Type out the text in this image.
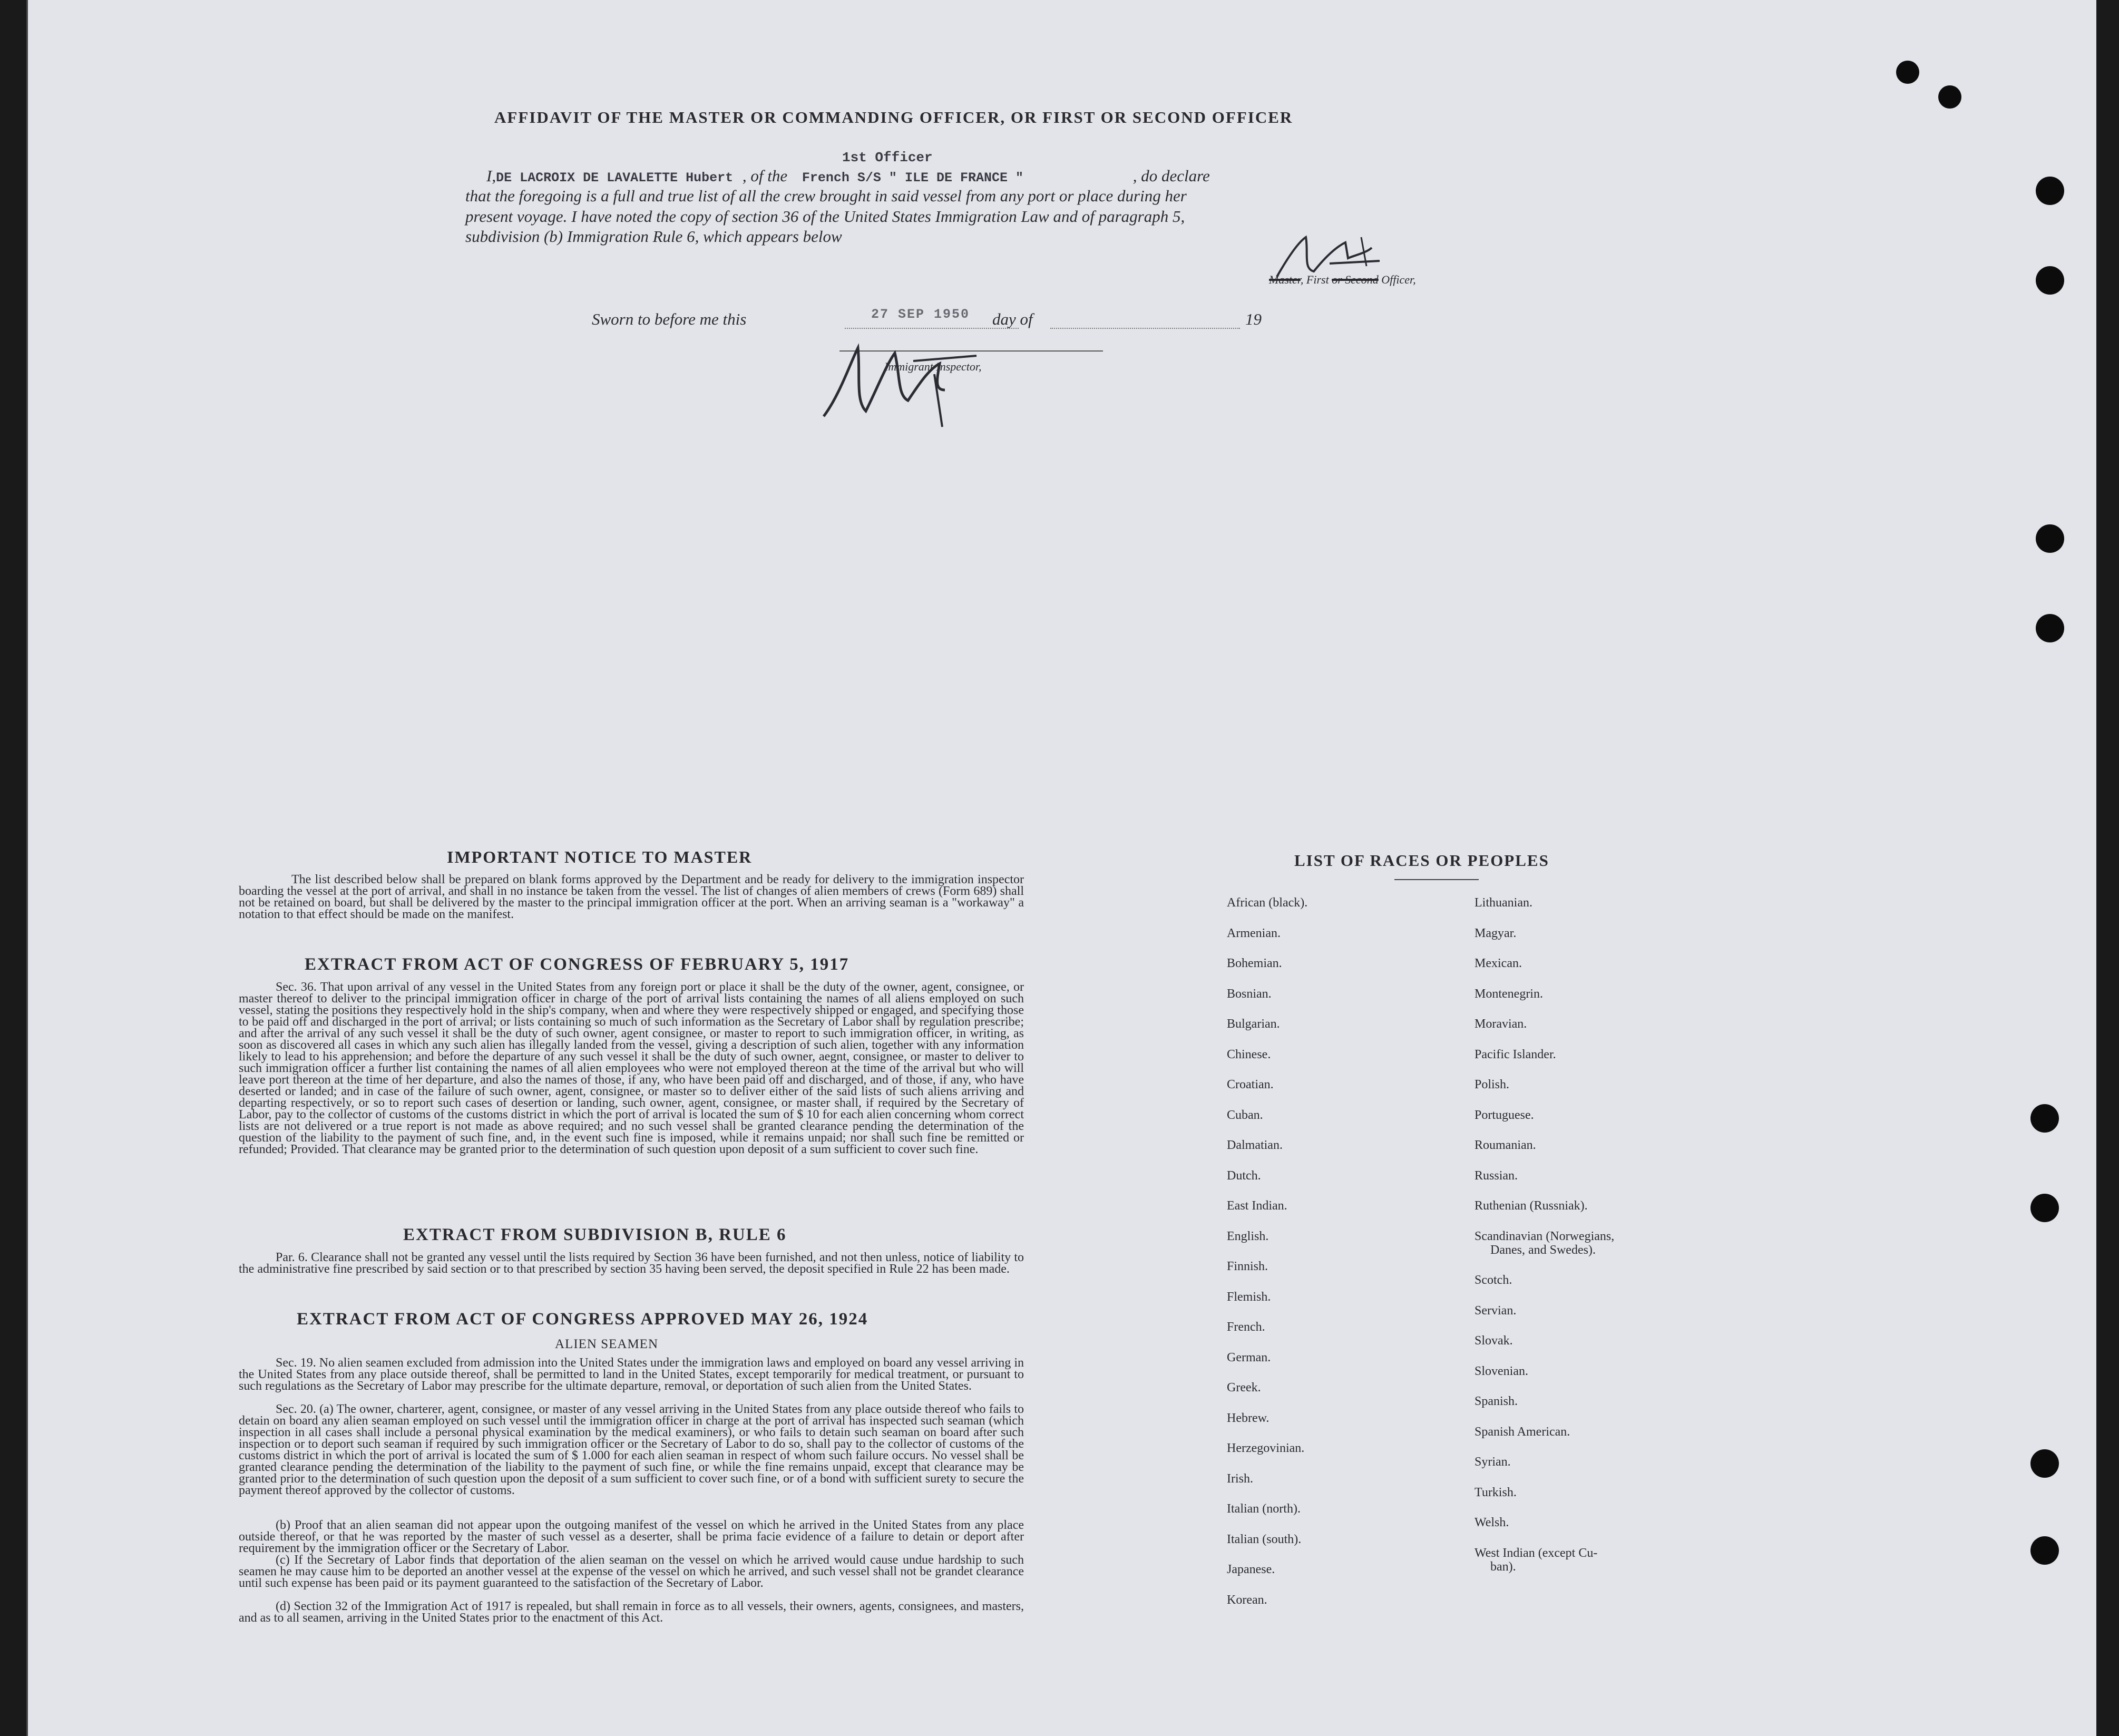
AFFIDAVIT OF THE MASTER OR COMMANDING OFFICER, OR FIRST OR SECOND OFFICER
1st Officer
I,DE LACROIX DE LAVALETTE Hubert , of the French S/S " ILE DE FRANCE "	, do declare
that the foregoing is a full and true list of all the crew brought in said vessel from any port or place during her
present voyage. I have noted the copy of section 36 of the United States Immigration Law and of paragraph 5,
subdivision (b) Immigration Rule 6, which appears below
Master, First or Second Officer,
Sworn to before me this	27 SEP 1950 day of	19
Immigrant Inspector,
IMPORTANT NOTICE TO MASTER

The list described below shall be prepared on blank forms approved by the Department and be ready for delivery to the immigration inspector boarding the vessel at the port of arrival, and shall in no instance be taken from the vessel. The list of changes of alien members of crews (Form 689) shall not be retained on board, but shall be delivered by the master to the principal immigration officer at the port. When an arriving seaman is a "workaway" a notation to that effect should be made on the manifest.

EXTRACT FROM ACT OF CONGRESS OF FEBRUARY 5, 1917

Sec. 36. That upon arrival of any vessel in the United States from any foreign port or place it shall be the duty of the owner, agent, consignee, or master thereof to deliver to the principal immigration officer in charge of the port of arrival lists containing the names of all aliens employed on such vessel, stating the positions they respectively hold in the ship's company, when and where they were respectively shipped or engaged, and specifying those to be paid off and discharged in the port of arrival; or lists containing so much of such information as the Secretary of Labor shall by regulation prescribe; and after the arrival of any such vessel it shall be the duty of such owner, agent consignee, or master to report to such immigration officer, in writing, as soon as discovered all cases in which any such alien has illegally landed from the vessel, giving a description of such alien, together with any information likely to lead to his apprehension; and before the departure of any such vessel it shall be the duty of such owner, aegnt, consignee, or master to deliver to such immigration officer a further list containing the names of all alien employees who were not employed thereon at the time of the arrival but who will leave port thereon at the time of her departure, and also the names of those, if any, who have been paid off and discharged, and of those, if any, who have deserted or landed; and in case of the failure of such owner, agent, consignee, or master so to deliver either of the said lists of such aliens arriving and departing respectively, or so to report such cases of desertion or landing, such owner, agent, consignee, or master shall, if required by the Secretary of Labor, pay to the collector of customs of the customs district in which the port of arrival is located the sum of $ 10 for each alien concerning whom correct lists are not delivered or a true report is not made as above required; and no such vessel shall be granted clearance pending the determination of the question of the liability to the payment of such fine, and, in the event such fine is imposed, while it remains unpaid; nor shall such fine be remitted or refunded; Provided. That clearance may be granted prior to the determination of such question upon deposit of a sum sufficient to cover such fine.

EXTRACT FROM SUBDIVISION B, RULE 6

Par. 6. Clearance shall not be granted any vessel until the lists required by Section 36 have been furnished, and not then unless, notice of liability to the administrative fine prescribed by said section or to that prescribed by section 35 having been served, the deposit specified in Rule 22 has been made.

EXTRACT FROM ACT OF CONGRESS APPROVED MAY 26, 1924
ALIEN SEAMEN

Sec. 19. No alien seamen excluded from admission into the United States under the immigration laws and employed on board any vessel arriving in the United States from any place outside thereof, shall be permitted to land in the United States, except temporarily for medical treatment, or pursuant to such regulations as the Secretary of Labor may prescribe for the ultimate departure, removal, or deportation of such alien from the United States.

Sec. 20. (a) The owner, charterer, agent, consignee, or master of any vessel arriving in the United States from any place outside thereof who fails to detain on board any alien seaman employed on such vessel until the immigration officer in charge at the port of arrival has inspected such seaman (which inspection in all cases shall include a personal physical examination by the medical examiners), or who fails to detain such seaman on board after such inspection or to deport such seaman if required by such immigration officer or the Secretary of Labor to do so, shall pay to the collector of customs of the customs district in which the port of arrival is located the sum of $ 1.000 for each alien seaman in respect of whom such failure occurs. No vessel shall be granted clearance pending the determination of the liability to the payment of such fine, or while the fine remains unpaid, except that clearance may be granted prior to the determination of such question upon the deposit of a sum sufficient to cover such fine, or of a bond with sufficient surety to secure the payment thereof approved by the collector of customs.

(b) Proof that an alien seaman did not appear upon the outgoing manifest of the vessel on which he arrived in the United States from any place outside thereof, or that he was reported by the master of such vessel as a deserter, shall be prima facie evidence of a failure to detain or deport after requirement by the immigration officer or the Secretary of Labor.

(c) If the Secretary of Labor finds that deportation of the alien seaman on the vessel on which he arrived would cause undue hardship to such seamen he may cause him to be deported an another vessel at the expense of the vessel on which he arrived, and such vessel shall not be grandet clearance until such expense has been paid or its payment guaranteed to the satisfaction of the Secretary of Labor.

(d) Section 32 of the Immigration Act of 1917 is repealed, but shall remain in force as to all vessels, their owners, agents, consignees, and masters, and as to all seamen, arriving in the United States prior to the enactment of this Act.

LIST OF RACES OR PEOPLES
African (black).
Armenian.
Bohemian.
Bosnian.
Bulgarian.
Chinese.
Croatian.
Cuban.
Dalmatian.
Dutch.
East Indian.
English.
Finnish.
Flemish.
French.
German.
Greek.
Hebrew.
Herzegovinian.
Irish.
Italian (north).
Italian (south).
Japanese.
Korean.
Lithuanian.
Magyar.
Mexican.
Montenegrin.
Moravian.
Pacific Islander.
Polish.
Portuguese.
Roumanian.
Russian.
Ruthenian (Russniak).
Scandinavian (Norwegians,
Danes, and Swedes).
Scotch.
Servian.
Slovak.
Slovenian.
Spanish.
Spanish American.
Syrian.
Turkish.
Welsh.
West Indian (except Cu-
ban).
